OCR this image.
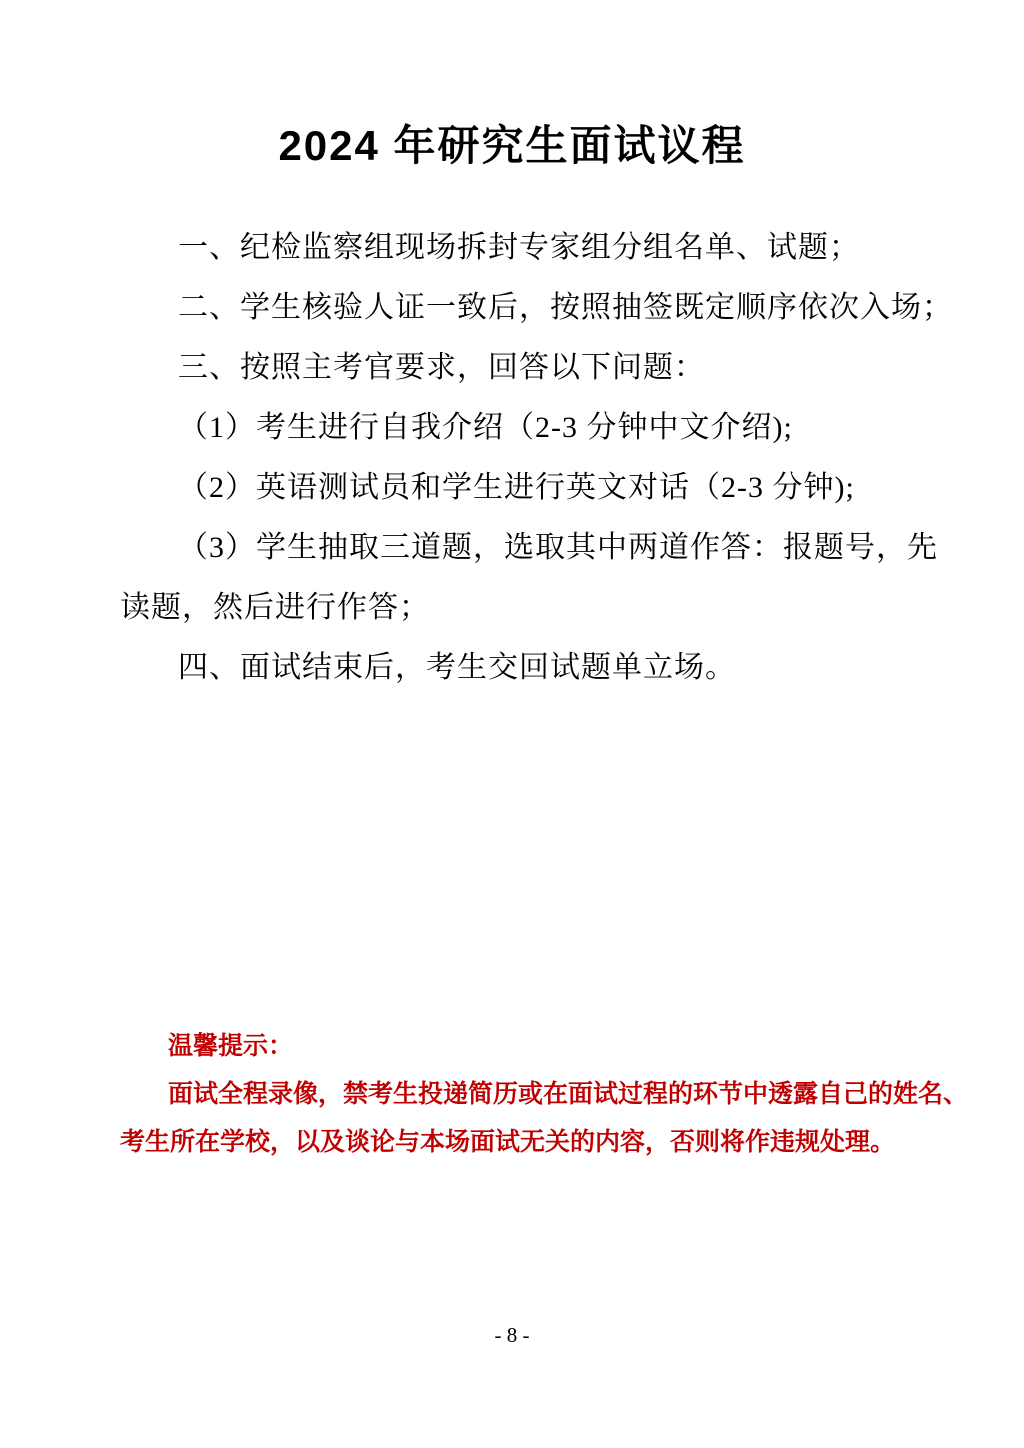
2024 年研究生面试议程

一、纪检监察组现场拆封专家组分组名单、试题；

二、学生核验人证一致后，按照抽签既定顺序依次入场；

三、按照主考官要求，回答以下问题：

（1）考生进行自我介绍（2-3 分钟中文介绍);

（2）英语测试员和学生进行英文对话（2-3 分钟);

（3）学生抽取三道题，选取其中两道作答：报题号，先

读题，然后进行作答；

四、面试结束后，考生交回试题单立场。

温馨提示：

面试全程录像，禁考生投递简历或在面试过程的环节中透露自己的姓名、

考生所在学校，以及谈论与本场面试无关的内容，否则将作违规处理。

- 8 -
